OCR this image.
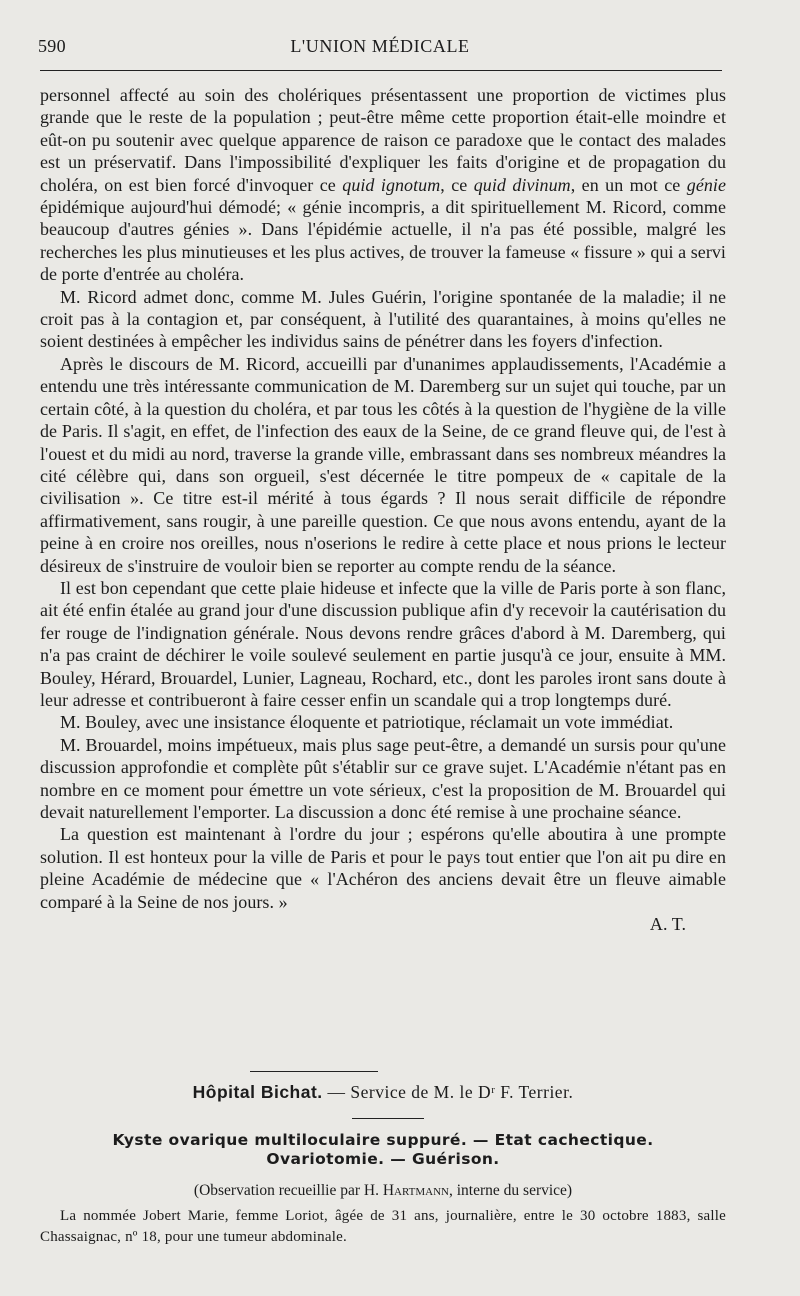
590	L'UNION MÉDICALE

personnel affecté au soin des cholériques présentassent une proportion de victimes plus grande que le reste de la population ; peut-être même cette proportion était-elle moindre et eût-on pu soutenir avec quelque apparence de raison ce paradoxe que le contact des malades est un préservatif. Dans l'impossibilité d'expliquer les faits d'origine et de propagation du choléra, on est bien forcé d'invoquer ce quid ignotum, ce quid divinum, en un mot ce génie épidémique aujourd'hui démodé; « génie incompris, a dit spirituellement M. Ricord, comme beaucoup d'autres génies ». Dans l'épidémie actuelle, il n'a pas été possible, malgré les recherches les plus minutieuses et les plus actives, de trouver la fameuse « fissure » qui a servi de porte d'entrée au choléra.

M. Ricord admet donc, comme M. Jules Guérin, l'origine spontanée de la maladie; il ne croit pas à la contagion et, par conséquent, à l'utilité des quarantaines, à moins qu'elles ne soient destinées à empêcher les individus sains de pénétrer dans les foyers d'infection.

Après le discours de M. Ricord, accueilli par d'unanimes applaudissements, l'Académie a entendu une très intéressante communication de M. Daremberg sur un sujet qui touche, par un certain côté, à la question du choléra, et par tous les côtés à la question de l'hygiène de la ville de Paris. Il s'agit, en effet, de l'infection des eaux de la Seine, de ce grand fleuve qui, de l'est à l'ouest et du midi au nord, traverse la grande ville, embrassant dans ses nombreux méandres la cité célèbre qui, dans son orgueil, s'est décernée le titre pompeux de « capitale de la civilisation ». Ce titre est-il mérité à tous égards ? Il nous serait difficile de répondre affirmativement, sans rougir, à une pareille question. Ce que nous avons entendu, ayant de la peine à en croire nos oreilles, nous n'oserions le redire à cette place et nous prions le lecteur désireux de s'instruire de vouloir bien se reporter au compte rendu de la séance.

Il est bon cependant que cette plaie hideuse et infecte que la ville de Paris porte à son flanc, ait été enfin étalée au grand jour d'une discussion publique afin d'y recevoir la cautérisation du fer rouge de l'indignation générale. Nous devons rendre grâces d'abord à M. Daremberg, qui n'a pas craint de déchirer le voile soulevé seulement en partie jusqu'à ce jour, ensuite à MM. Bouley, Hérard, Brouardel, Lunier, Lagneau, Rochard, etc., dont les paroles iront sans doute à leur adresse et contribueront à faire cesser enfin un scandale qui a trop longtemps duré.

M. Bouley, avec une insistance éloquente et patriotique, réclamait un vote immédiat.

M. Brouardel, moins impétueux, mais plus sage peut-être, a demandé un sursis pour qu'une discussion approfondie et complète pût s'établir sur ce grave sujet. L'Académie n'étant pas en nombre en ce moment pour émettre un vote sérieux, c'est la proposition de M. Brouardel qui devait naturellement l'emporter. La discussion a donc été remise à une prochaine séance.

La question est maintenant à l'ordre du jour ; espérons qu'elle aboutira à une prompte solution. Il est honteux pour la ville de Paris et pour le pays tout entier que l'on ait pu dire en pleine Académie de médecine que « l'Achéron des anciens devait être un fleuve aimable comparé à la Seine de nos jours. »

A. T.

Hôpital Bichat. — Service de M. le Dʳ F. Terrier.
Kyste ovarique multiloculaire suppuré. — Etat cachectique.
Ovariotomie. — Guérison.
(Observation recueillie par H. Hartmann, interne du service)

La nommée Jobert Marie, femme Loriot, âgée de 31 ans, journalière, entre le 30 octobre 1883, salle Chassaignac, nº 18, pour une tumeur abdominale.
